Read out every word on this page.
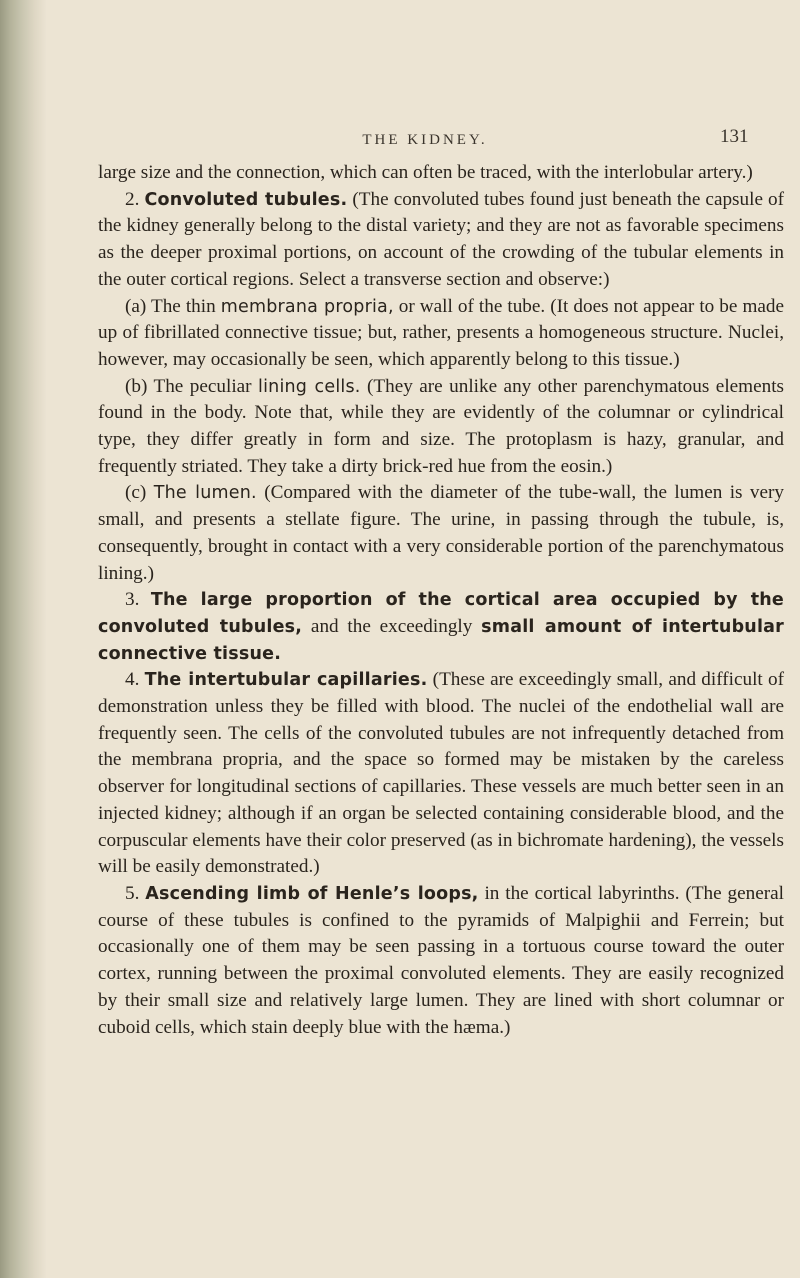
THE KIDNEY.	131

large size and the connection, which can often be traced, with the interlobular artery.)

2. Convoluted tubules. (The convoluted tubes found just beneath the capsule of the kidney generally belong to the distal variety; and they are not as favorable specimens as the deeper proximal portions, on account of the crowding of the tubular elements in the outer cortical regions. Select a transverse section and observe:)

(a) The thin membrana propria, or wall of the tube. (It does not appear to be made up of fibrillated connective tissue; but, rather, presents a homogeneous structure. Nuclei, however, may occasionally be seen, which apparently belong to this tissue.)

(b) The peculiar lining cells. (They are unlike any other parenchymatous elements found in the body. Note that, while they are evidently of the columnar or cylindrical type, they differ greatly in form and size. The protoplasm is hazy, granular, and frequently striated. They take a dirty brick-red hue from the eosin.)

(c) The lumen. (Compared with the diameter of the tube-wall, the lumen is very small, and presents a stellate figure. The urine, in passing through the tubule, is, consequently, brought in contact with a very considerable portion of the parenchymatous lining.)

3. The large proportion of the cortical area occupied by the convoluted tubules, and the exceedingly small amount of intertubular connective tissue.

4. The intertubular capillaries. (These are exceedingly small, and difficult of demonstration unless they be filled with blood. The nuclei of the endothelial wall are frequently seen. The cells of the convoluted tubules are not infrequently detached from the membrana propria, and the space so formed may be mistaken by the careless observer for longitudinal sections of capillaries. These vessels are much better seen in an injected kidney; although if an organ be selected containing considerable blood, and the corpuscular elements have their color preserved (as in bichromate hardening), the vessels will be easily demonstrated.)

5. Ascending limb of Henle’s loops, in the cortical labyrinths. (The general course of these tubules is confined to the pyramids of Malpighii and Ferrein; but occasionally one of them may be seen passing in a tortuous course toward the outer cortex, running between the proximal convoluted elements. They are easily recognized by their small size and relatively large lumen. They are lined with short columnar or cuboid cells, which stain deeply blue with the hæma.)
